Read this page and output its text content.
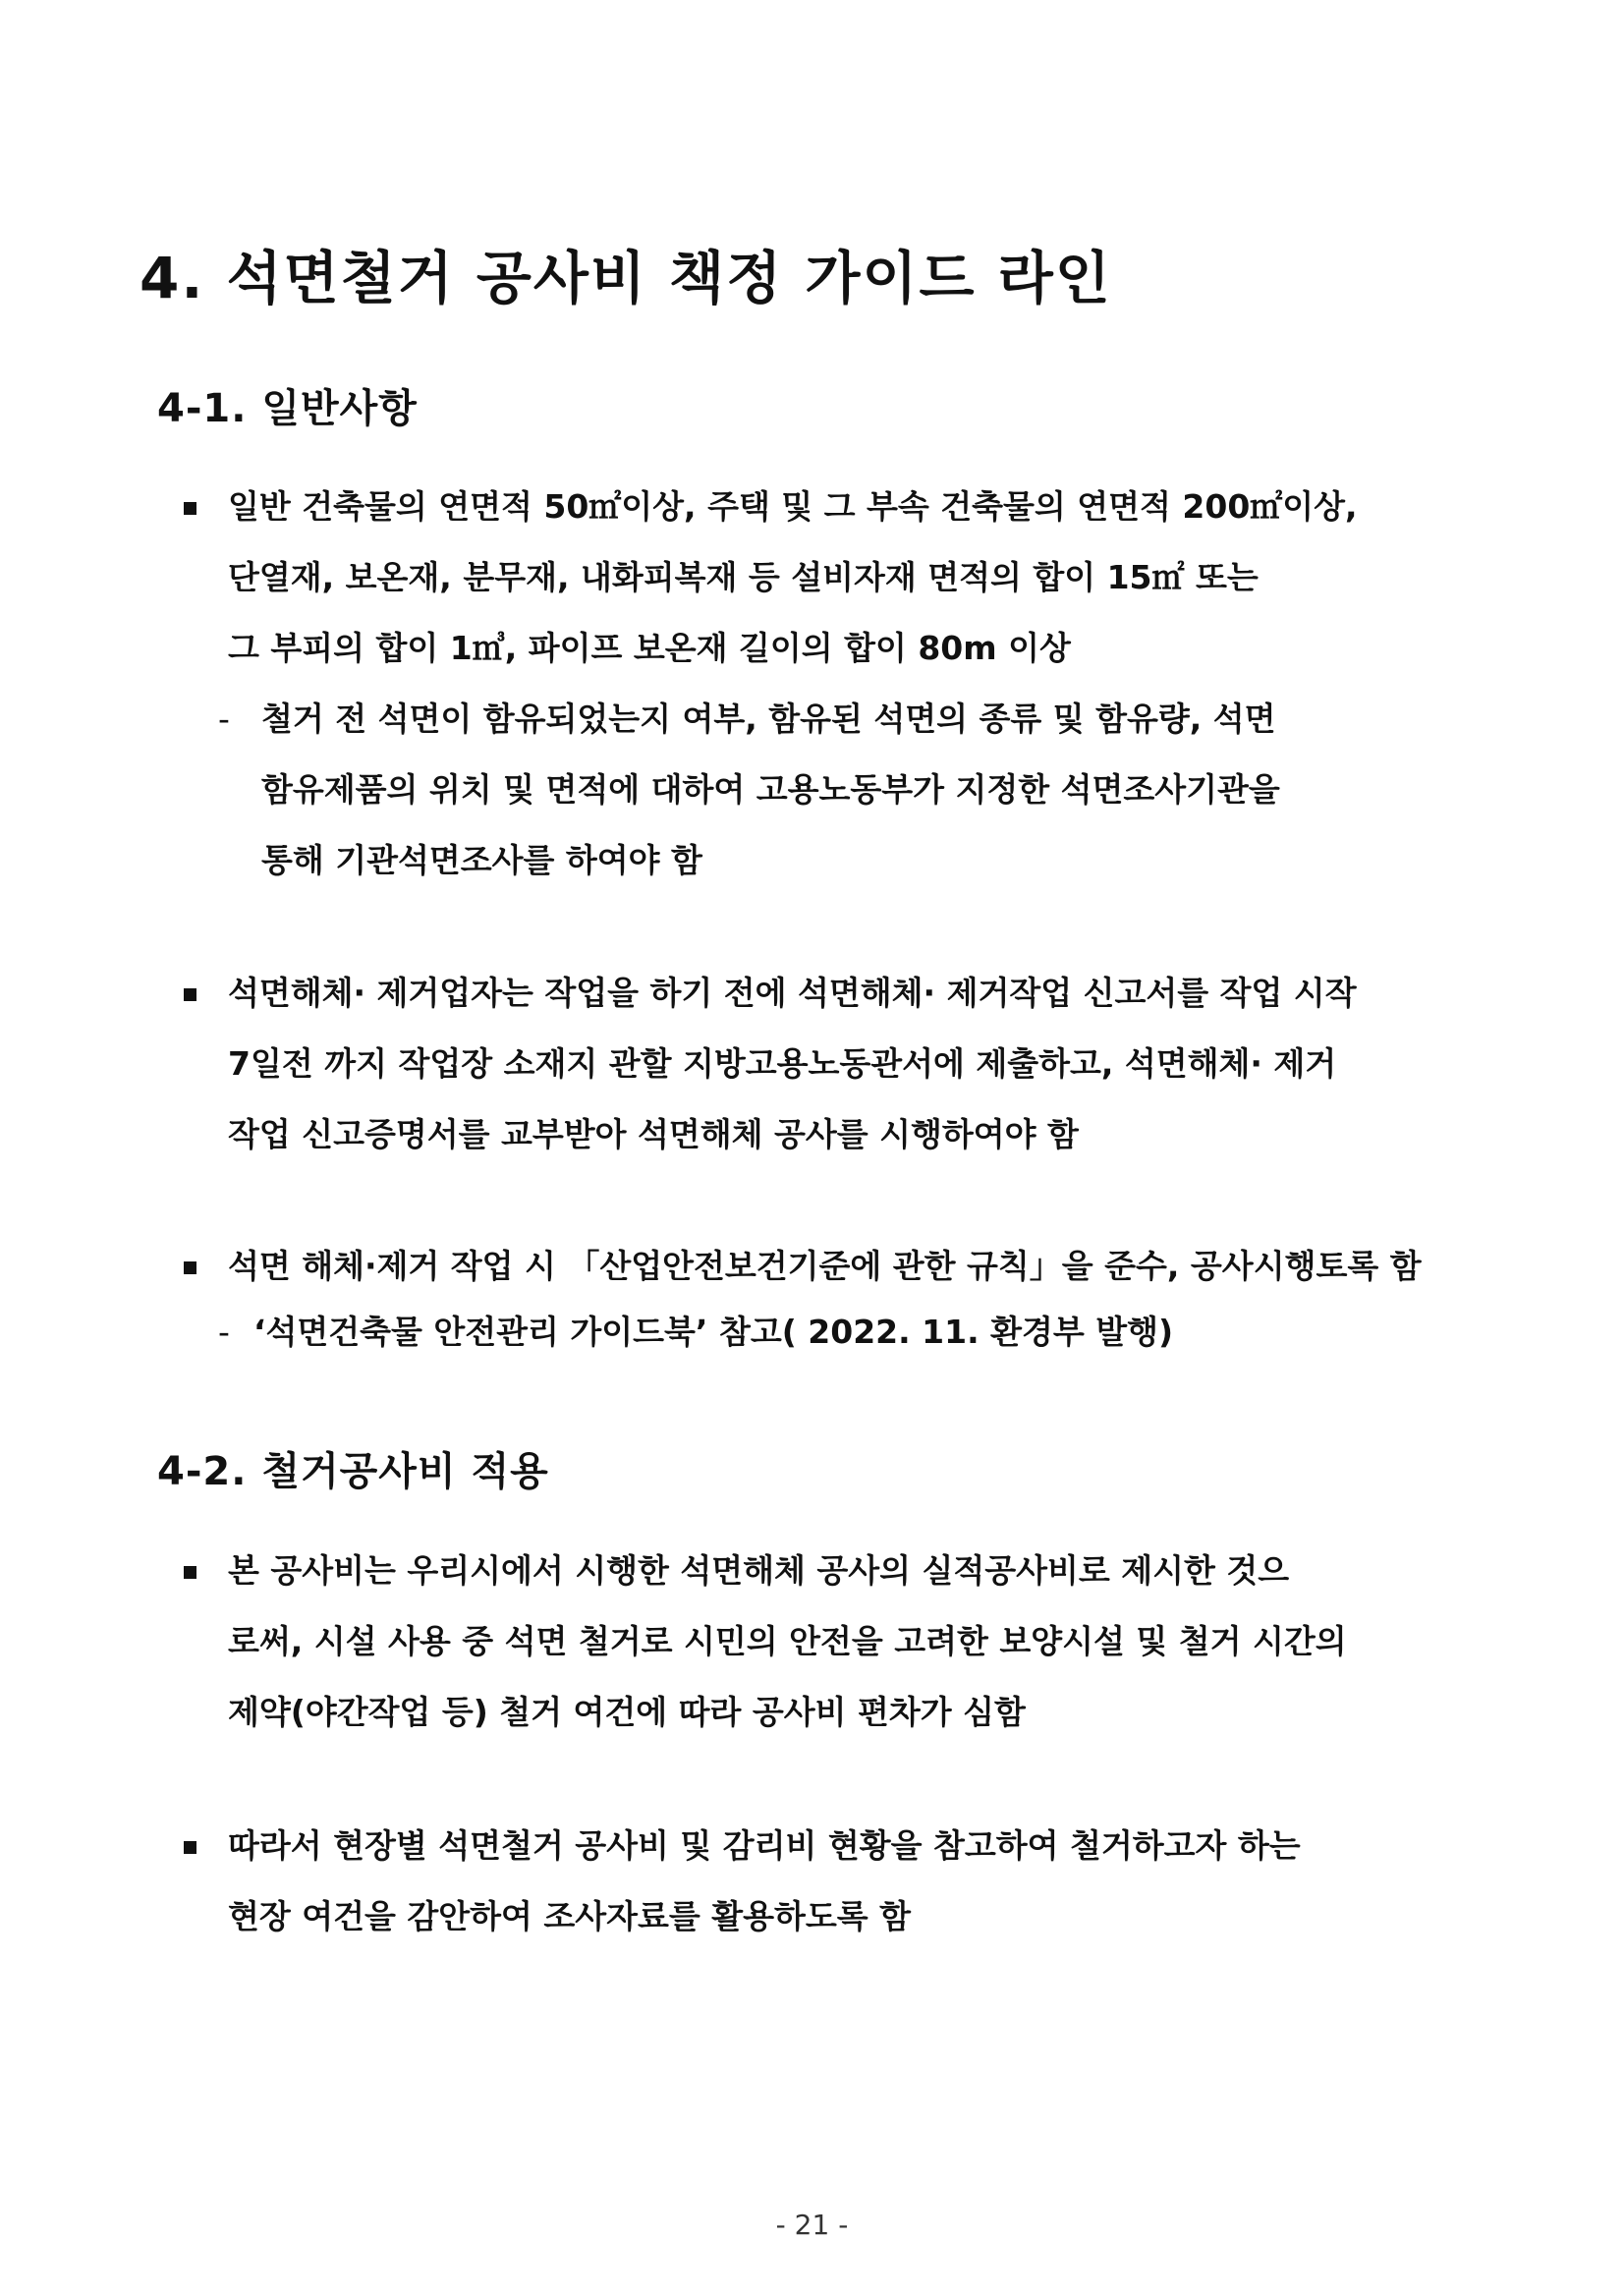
4. 석면철거 공사비 책정 가이드 라인
4-1. 일반사항
일반 건축물의 연면적 50㎡이상, 주택 및 그 부속 건축물의 연면적 200㎡이상,
단열재, 보온재, 분무재, 내화피복재 등 설비자재 면적의 합이 15㎡ 또는
그 부피의 합이 1㎥, 파이프 보온재 길이의 합이 80m 이상
- 철거 전 석면이 함유되었는지 여부, 함유된 석면의 종류 및 함유량, 석면
함유제품의 위치 및 면적에 대하여 고용노동부가 지정한 석면조사기관을
통해 기관석면조사를 하여야 함
석면해체· 제거업자는 작업을 하기 전에 석면해체· 제거작업 신고서를 작업 시작
7일전 까지 작업장 소재지 관할 지방고용노동관서에 제출하고, 석면해체· 제거
작업 신고증명서를 교부받아 석면해체 공사를 시행하여야 함
석면 해체·제거 작업 시 「산업안전보건기준에 관한 규칙」을 준수, 공사시행토록 함
- ‘석면건축물 안전관리 가이드북’ 참고( 2022. 11. 환경부 발행)
4-2. 철거공사비 적용
본 공사비는 우리시에서 시행한 석면해체 공사의 실적공사비로 제시한 것으
로써, 시설 사용 중 석면 철거로 시민의 안전을 고려한 보양시설 및 철거 시간의
제약(야간작업 등) 철거 여건에 따라 공사비 편차가 심함
따라서 현장별 석면철거 공사비 및 감리비 현황을 참고하여 철거하고자 하는
현장 여건을 감안하여 조사자료를 활용하도록 함
- 21 -
